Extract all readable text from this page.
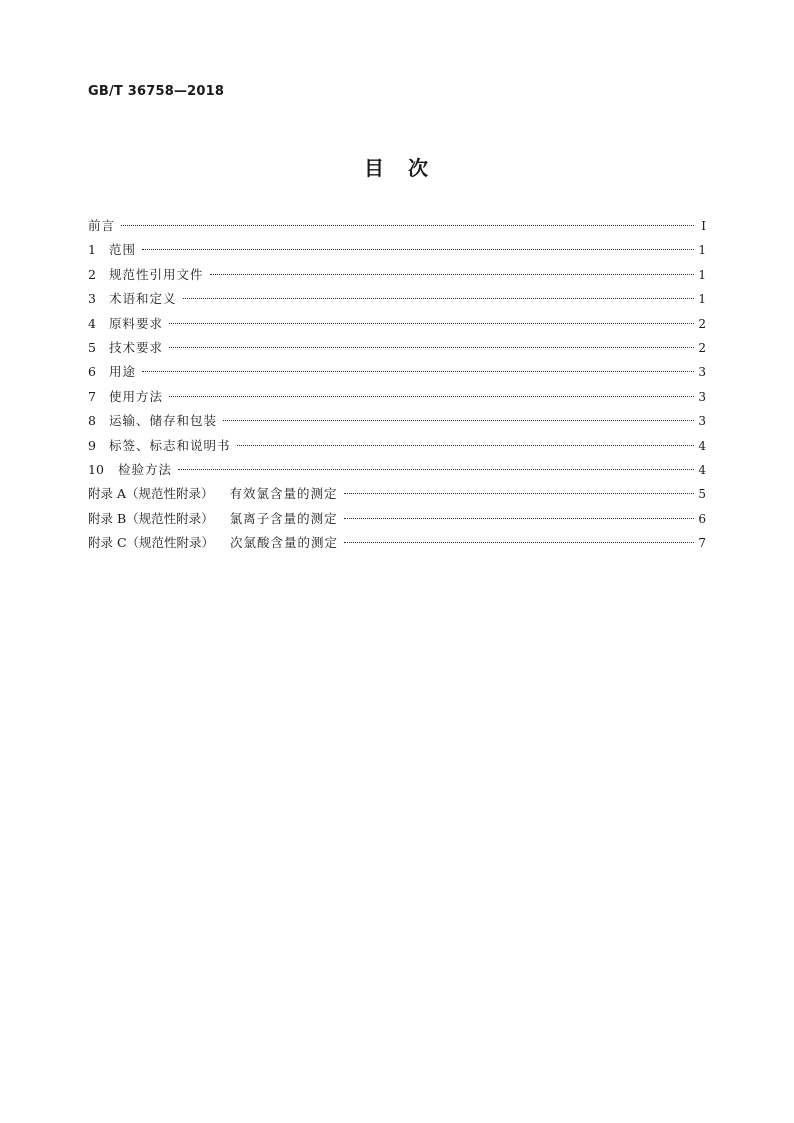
GB/T 36758—2018
目　次
前言	Ⅰ
1	范围	1
2	规范性引用文件	1
3	术语和定义	1
4	原料要求	2
5	技术要求	2
6	用途	3
7	使用方法	3
8	运输、储存和包装	3
9	标签、标志和说明书	4
10	检验方法	4
附录 A（规范性附录） 有效氯含量的测定	5
附录 B（规范性附录） 氯离子含量的测定	6
附录 C（规范性附录） 次氯酸含量的测定	7
